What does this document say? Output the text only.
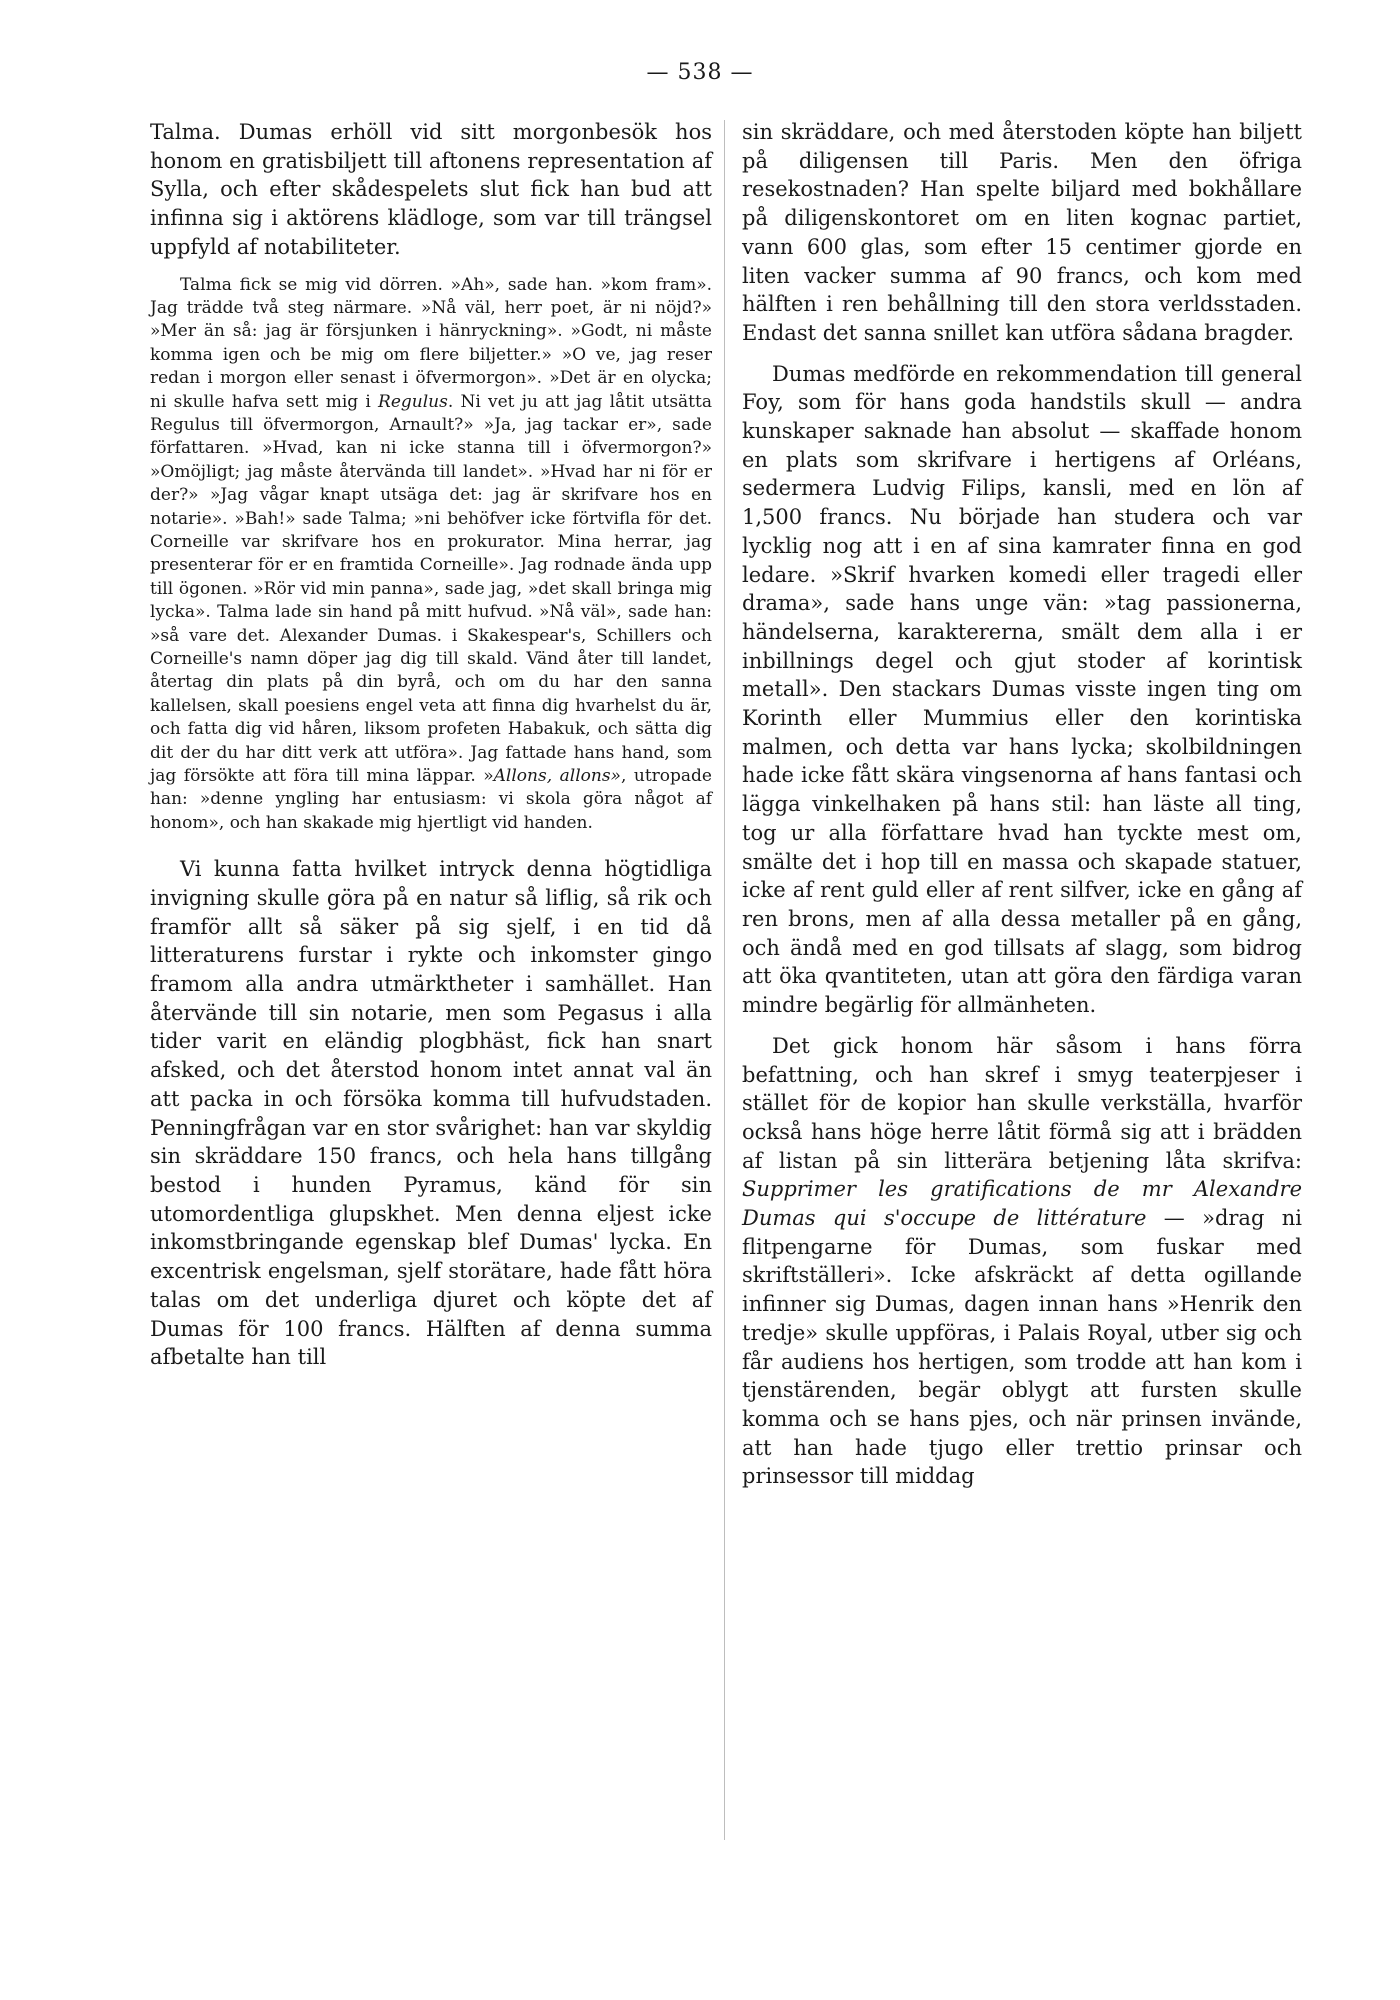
— 538 —

Talma. Dumas erhöll vid sitt morgonbesök hos honom en gratisbiljett till aftonens representation af Sylla, och efter skådespelets slut fick han bud att infinna sig i aktörens klädloge, som var till trängsel uppfyld af notabiliteter.

Talma fick se mig vid dörren. »Ah», sade han. »kom fram». Jag trädde två steg närmare. »Nå väl, herr poet, är ni nöjd?» »Mer än så: jag är försjunken i hänryckning». »Godt, ni måste komma igen och be mig om flere biljetter.» »O ve, jag reser redan i morgon eller senast i öfvermorgon». »Det är en olycka; ni skulle hafva sett mig i Regulus. Ni vet ju att jag låtit utsätta Regulus till öfvermorgon, Arnault?» »Ja, jag tackar er», sade författaren. »Hvad, kan ni icke stanna till i öfvermorgon?» »Omöjligt; jag måste återvända till landet». »Hvad har ni för er der?» »Jag vågar knapt utsäga det: jag är skrifvare hos en notarie». »Bah!» sade Talma; »ni behöfver icke förtvifla för det. Corneille var skrifvare hos en prokurator. Mina herrar, jag presenterar för er en framtida Corneille». Jag rodnade ända upp till ögonen. »Rör vid min panna», sade jag, »det skall bringa mig lycka». Talma lade sin hand på mitt hufvud. »Nå väl», sade han: »så vare det. Alexander Dumas. i Skakespear's, Schillers och Corneille's namn döper jag dig till skald. Vänd åter till landet, återtag din plats på din byrå, och om du har den sanna kallelsen, skall poesiens engel veta att finna dig hvarhelst du är, och fatta dig vid håren, liksom profeten Habakuk, och sätta dig dit der du har ditt verk att utföra». Jag fattade hans hand, som jag försökte att föra till mina läppar. »Allons, allons», utropade han: »denne yngling har entusiasm: vi skola göra något af honom», och han skakade mig hjertligt vid handen.

Vi kunna fatta hvilket intryck denna högtidliga invigning skulle göra på en natur så liflig, så rik och framför allt så säker på sig sjelf, i en tid då litteraturens furstar i rykte och inkomster gingo framom alla andra utmärktheter i samhället. Han återvände till sin notarie, men som Pegasus i alla tider varit en eländig plogbhäst, fick han snart afsked, och det återstod honom intet annat val än att packa in och försöka komma till hufvudstaden. Penningfrågan var en stor svårighet: han var skyldig sin skräddare 150 francs, och hela hans tillgång bestod i hunden Pyramus, känd för sin utomordentliga glupskhet. Men denna eljest icke inkomstbringande egenskap blef Dumas' lycka. En excentrisk engelsman, sjelf storätare, hade fått höra talas om det underliga djuret och köpte det af Dumas för 100 francs. Hälften af denna summa afbetalte han till

sin skräddare, och med återstoden köpte han biljett på diligensen till Paris. Men den öfriga resekostnaden? Han spelte biljard med bokhållare på diligenskontoret om en liten kognac partiet, vann 600 glas, som efter 15 centimer gjorde en liten vacker summa af 90 francs, och kom med hälften i ren behållning till den stora verldsstaden. Endast det sanna snillet kan utföra sådana bragder.

Dumas medförde en rekommendation till general Foy, som för hans goda handstils skull — andra kunskaper saknade han absolut — skaffade honom en plats som skrifvare i hertigens af Orléans, sedermera Ludvig Filips, kansli, med en lön af 1,500 francs. Nu började han studera och var lycklig nog att i en af sina kamrater finna en god ledare. »Skrif hvarken komedi eller tragedi eller drama», sade hans unge vän: »tag passionerna, händelserna, karaktererna, smält dem alla i er inbillnings degel och gjut stoder af korintisk metall». Den stackars Dumas visste ingen ting om Korinth eller Mummius eller den korintiska malmen, och detta var hans lycka; skolbildningen hade icke fått skära vingsenorna af hans fantasi och lägga vinkelhaken på hans stil: han läste all ting, tog ur alla författare hvad han tyckte mest om, smälte det i hop till en massa och skapade statuer, icke af rent guld eller af rent silfver, icke en gång af ren brons, men af alla dessa metaller på en gång, och ändå med en god tillsats af slagg, som bidrog att öka qvantiteten, utan att göra den färdiga varan mindre begärlig för allmänheten.

Det gick honom här såsom i hans förra befattning, och han skref i smyg teaterpjeser i stället för de kopior han skulle verkställa, hvarför också hans höge herre låtit förmå sig att i brädden af listan på sin litterära betjening låta skrifva: Supprimer les gratifications de mr Alexandre Dumas qui s'occupe de littérature — »drag ni flitpengarne för Dumas, som fuskar med skriftställeri». Icke afskräckt af detta ogillande infinner sig Dumas, dagen innan hans »Henrik den tredje» skulle uppföras, i Palais Royal, utber sig och får audiens hos hertigen, som trodde att han kom i tjenstärenden, begär oblygt att fursten skulle komma och se hans pjes, och när prinsen invände, att han hade tjugo eller trettio prinsar och prinsessor till middag
